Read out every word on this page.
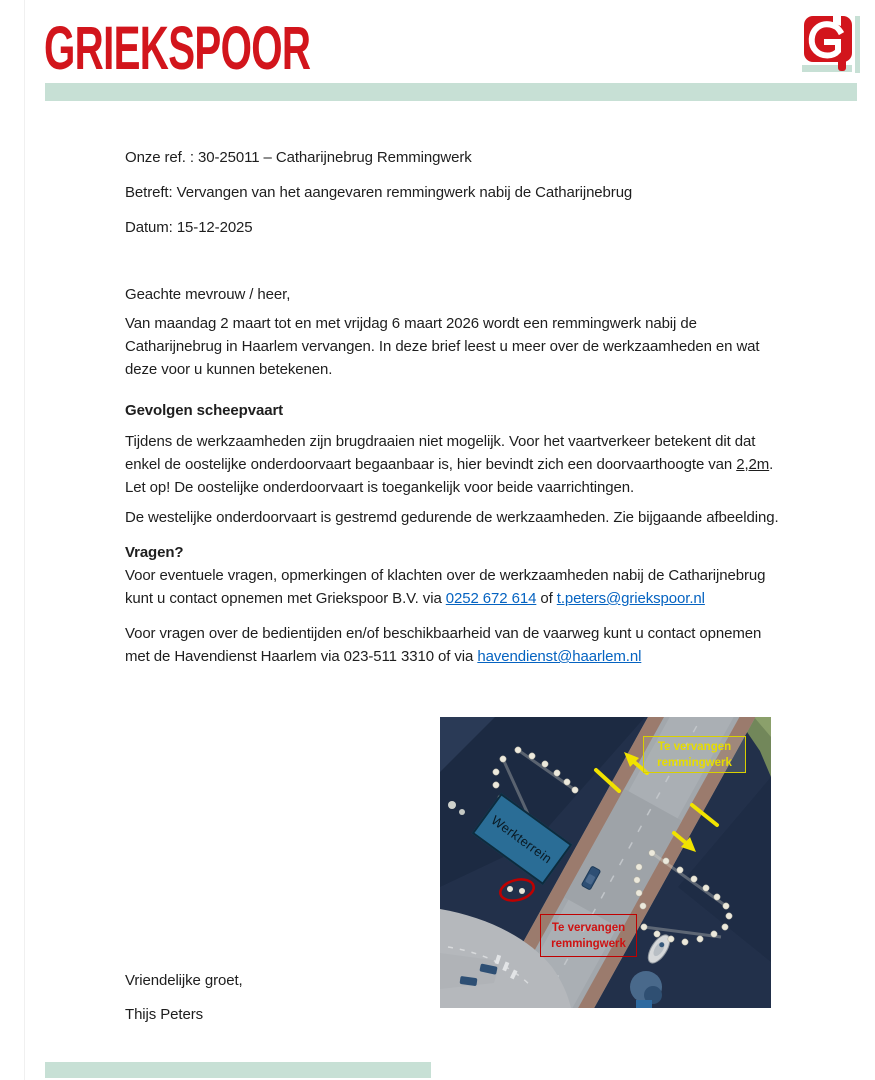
GRIEKSPOOR
Onze ref. : 30-25011 – Catharijnebrug Remmingwerk
Betreft: Vervangen van het aangevaren remmingwerk nabij de Catharijnebrug
Datum: 15-12-2025
Geachte mevrouw / heer,
Van maandag 2 maart tot en met vrijdag 6 maart 2026 wordt een remmingwerk nabij de Catharijnebrug in Haarlem vervangen. In deze brief leest u meer over de werkzaamheden en wat deze voor u kunnen betekenen.
Gevolgen scheepvaart
Tijdens de werkzaamheden zijn brugdraaien niet mogelijk. Voor het vaartverkeer betekent dit dat enkel de oostelijke onderdoorvaart begaanbaar is, hier bevindt zich een doorvaarthoogte van 2,2m. Let op! De oostelijke onderdoorvaart is toegankelijk voor beide vaarrichtingen.
De westelijke onderdoorvaart is gestremd gedurende de werkzaamheden. Zie bijgaande afbeelding.
Vragen?
Voor eventuele vragen, opmerkingen of klachten over de werkzaamheden nabij de Catharijnebrug kunt u contact opnemen met Griekspoor B.V. via 0252 672 614 of t.peters@griekspoor.nl
Voor vragen over de bedientijden en/of beschikbaarheid van de vaarweg kunt u contact opnemen met de Havendienst Haarlem via 023-511 3310 of via havendienst@haarlem.nl
Te vervangen remmingwerk
Te vervangen remmingwerk
Werkterrein
Vriendelijke groet,
Thijs Peters
